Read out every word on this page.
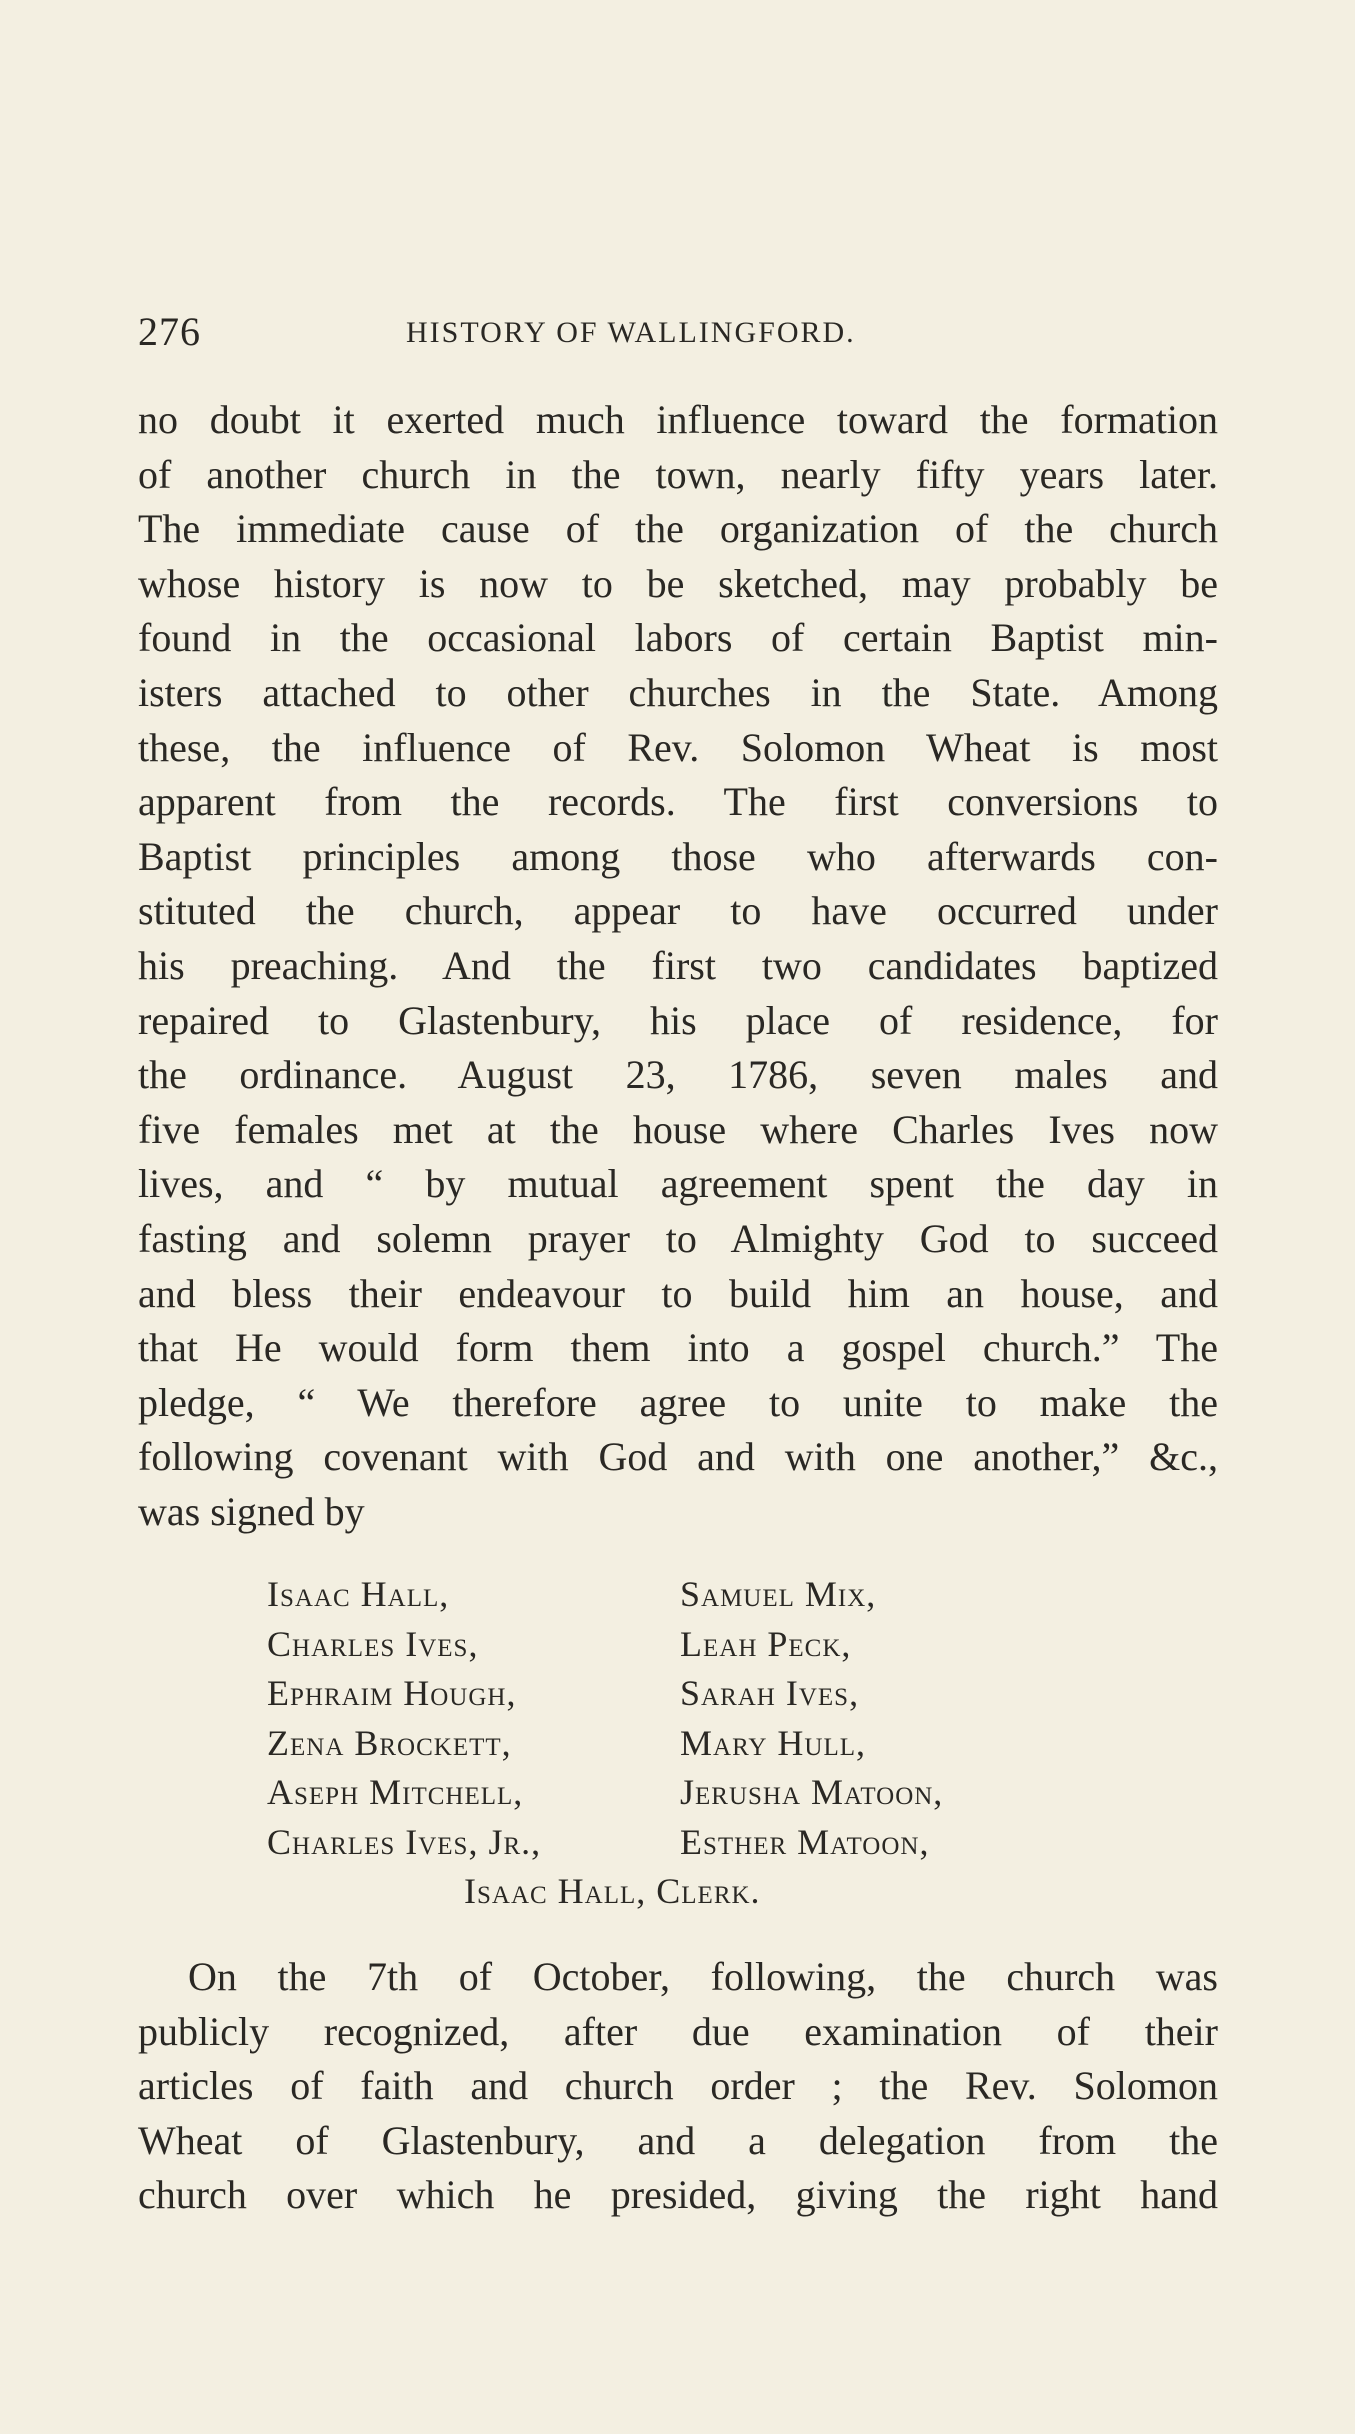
276	HISTORY OF WALLINGFORD.
no doubt it exerted much influence toward the formation
of another church in the town, nearly fifty years later.
The immediate cause of the organization of the church
whose history is now to be sketched, may probably be
found in the occasional labors of certain Baptist min-
isters attached to other churches in the State. Among
these, the influence of Rev. Solomon Wheat is most
apparent from the records. The first conversions to
Baptist principles among those who afterwards con-
stituted the church, appear to have occurred under
his preaching. And the first two candidates baptized
repaired to Glastenbury, his place of residence, for
the ordinance. August 23, 1786, seven males and
five females met at the house where Charles Ives now
lives, and “ by mutual agreement spent the day in
fasting and solemn prayer to Almighty God to succeed
and bless their endeavour to build him an house, and
that He would form them into a gospel church.” The
pledge, “ We therefore agree to unite to make the
following covenant with God and with one another,” &c.,
was signed by
Isaac Hall,	Samuel Mix,
Charles Ives,	Leah Peck,
Ephraim Hough,	Sarah Ives,
Zena Brockett,	Mary Hull,
Aseph Mitchell,	Jerusha Matoon,
Charles Ives, Jr.,	Esther Matoon,
Isaac Hall, Clerk.
On the 7th of October, following, the church was
publicly recognized, after due examination of their
articles of faith and church order ; the Rev. Solomon
Wheat of Glastenbury, and a delegation from the
church over which he presided, giving the right hand
